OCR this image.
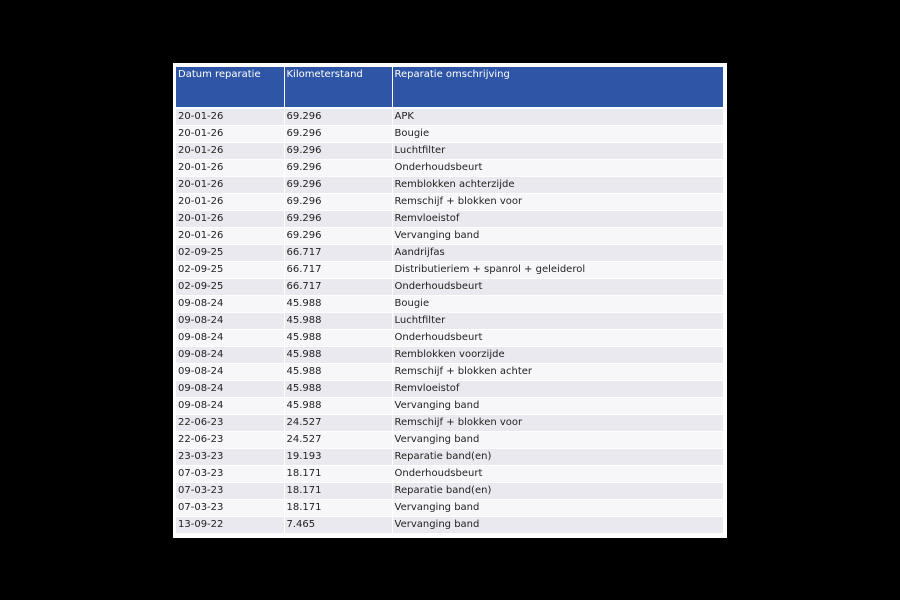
Datum reparatie	Kilometerstand	Reparatie omschrijving
20-01-26	69.296	APK
20-01-26	69.296	Bougie
20-01-26	69.296	Luchtfilter
20-01-26	69.296	Onderhoudsbeurt
20-01-26	69.296	Remblokken achterzijde
20-01-26	69.296	Remschijf + blokken voor
20-01-26	69.296	Remvloeistof
20-01-26	69.296	Vervanging band
02-09-25	66.717	Aandrijfas
02-09-25	66.717	Distributieriem + spanrol + geleiderol
02-09-25	66.717	Onderhoudsbeurt
09-08-24	45.988	Bougie
09-08-24	45.988	Luchtfilter
09-08-24	45.988	Onderhoudsbeurt
09-08-24	45.988	Remblokken voorzijde
09-08-24	45.988	Remschijf + blokken achter
09-08-24	45.988	Remvloeistof
09-08-24	45.988	Vervanging band
22-06-23	24.527	Remschijf + blokken voor
22-06-23	24.527	Vervanging band
23-03-23	19.193	Reparatie band(en)
07-03-23	18.171	Onderhoudsbeurt
07-03-23	18.171	Reparatie band(en)
07-03-23	18.171	Vervanging band
13-09-22	7.465	Vervanging band
